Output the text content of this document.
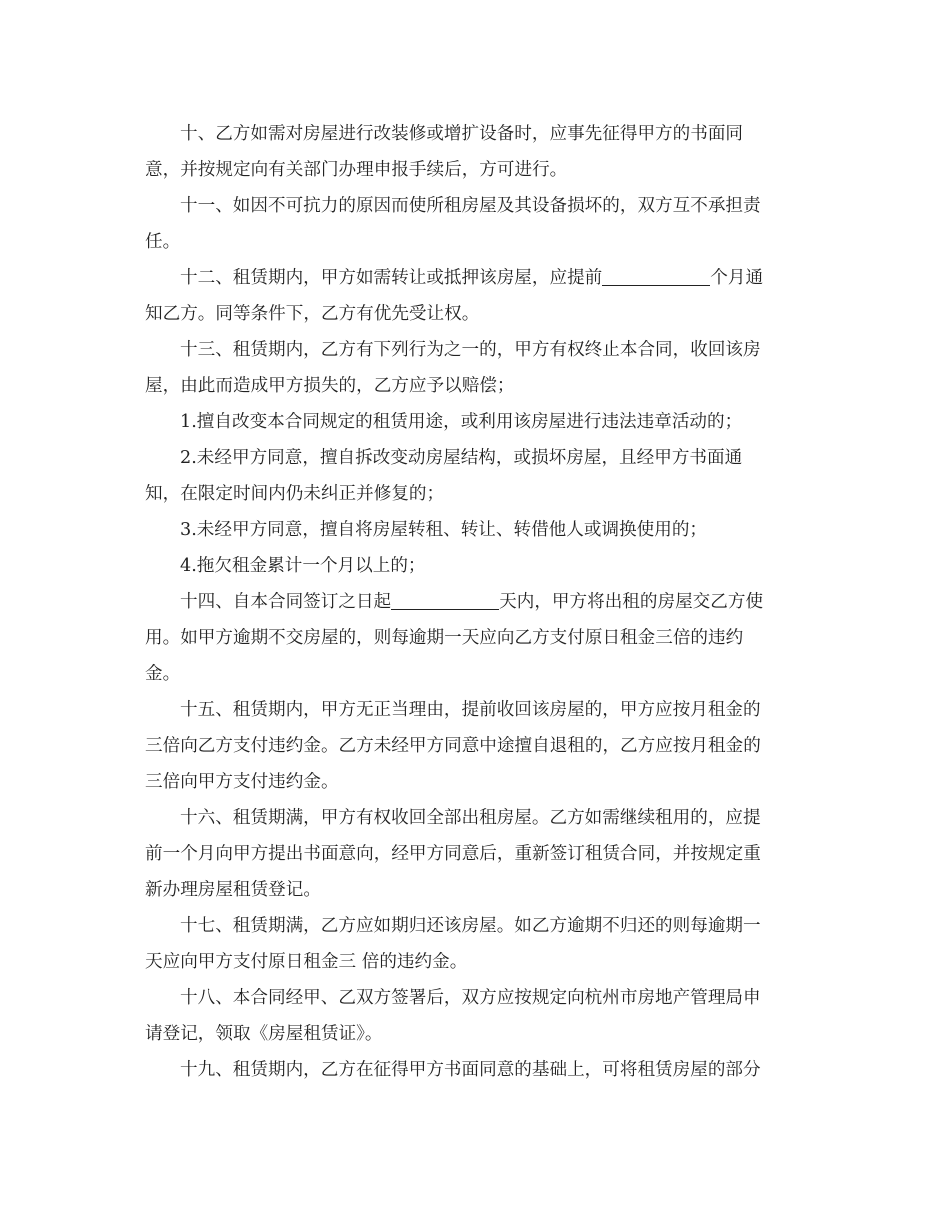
十、乙方如需对房屋进行改装修或增扩设备时，应事先征得甲方的书面同
意，并按规定向有关部门办理申报手续后，方可进行。

十一、如因不可抗力的原因而使所租房屋及其设备损坏的，双方互不承担责
任。

十二、租赁期内，甲方如需转让或抵押该房屋，应提前	个月通
知乙方。同等条件下，乙方有优先受让权。

十三、租赁期内，乙方有下列行为之一的，甲方有权终止本合同，收回该房
屋，由此而造成甲方损失的，乙方应予以赔偿；

1.擅自改变本合同规定的租赁用途，或利用该房屋进行违法违章活动的；

2.未经甲方同意，擅自拆改变动房屋结构，或损坏房屋，且经甲方书面通
知，在限定时间内仍未纠正并修复的；

3.未经甲方同意，擅自将房屋转租、转让、转借他人或调换使用的；

4.拖欠租金累计一个月以上的；

十四、自本合同签订之日起	天内，甲方将出租的房屋交乙方使
用。如甲方逾期不交房屋的，则每逾期一天应向乙方支付原日租金三倍的违约
金。

十五、租赁期内，甲方无正当理由，提前收回该房屋的，甲方应按月租金的
三倍向乙方支付违约金。乙方未经甲方同意中途擅自退租的，乙方应按月租金的
三倍向甲方支付违约金。

十六、租赁期满，甲方有权收回全部出租房屋。乙方如需继续租用的，应提
前一个月向甲方提出书面意向，经甲方同意后，重新签订租赁合同，并按规定重
新办理房屋租赁登记。

十七、租赁期满，乙方应如期归还该房屋。如乙方逾期不归还的则每逾期一
天应向甲方支付原日租金三 倍的违约金。

十八、本合同经甲、乙双方签署后，双方应按规定向杭州市房地产管理局申
请登记，领取《房屋租赁证》。

十九、租赁期内，乙方在征得甲方书面同意的基础上，可将租赁房屋的部分
